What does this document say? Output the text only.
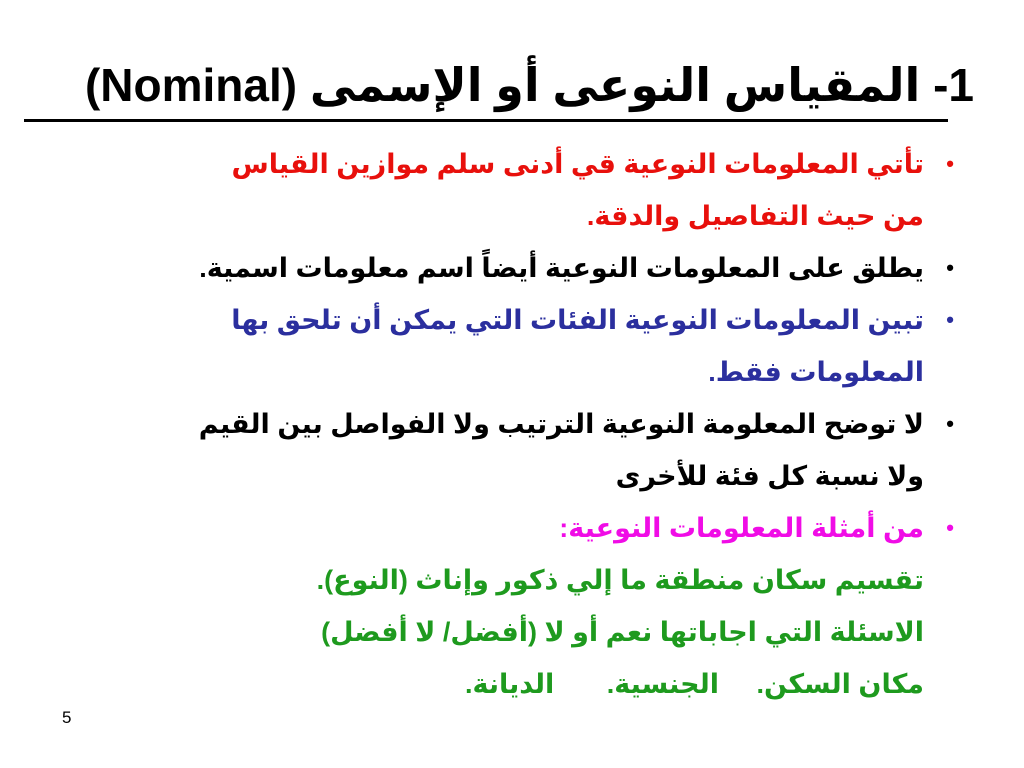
1- المقياس النوعى أو الإسمى (Nominal)
•
تأتي المعلومات النوعية قي أدنى سلم موازين القياس
من حيث التفاصيل والدقة.
•
يطلق على المعلومات النوعية أيضاً اسم معلومات اسمية.
•
تبين المعلومات النوعية الفئات التي يمكن أن تلحق بها
المعلومات فقط.
•
لا توضح المعلومة النوعية الترتيب ولا الفواصل بين القيم
ولا نسبة كل فئة للأخرى
•
من أمثلة المعلومات النوعية:
تقسيم سكان منطقة ما إلي ذكور وإناث (النوع).
الاسئلة التي اجاباتها نعم أو لا (أفضل/ لا أفضل)
مكان السكن.     الجنسية.       الديانة.
5
